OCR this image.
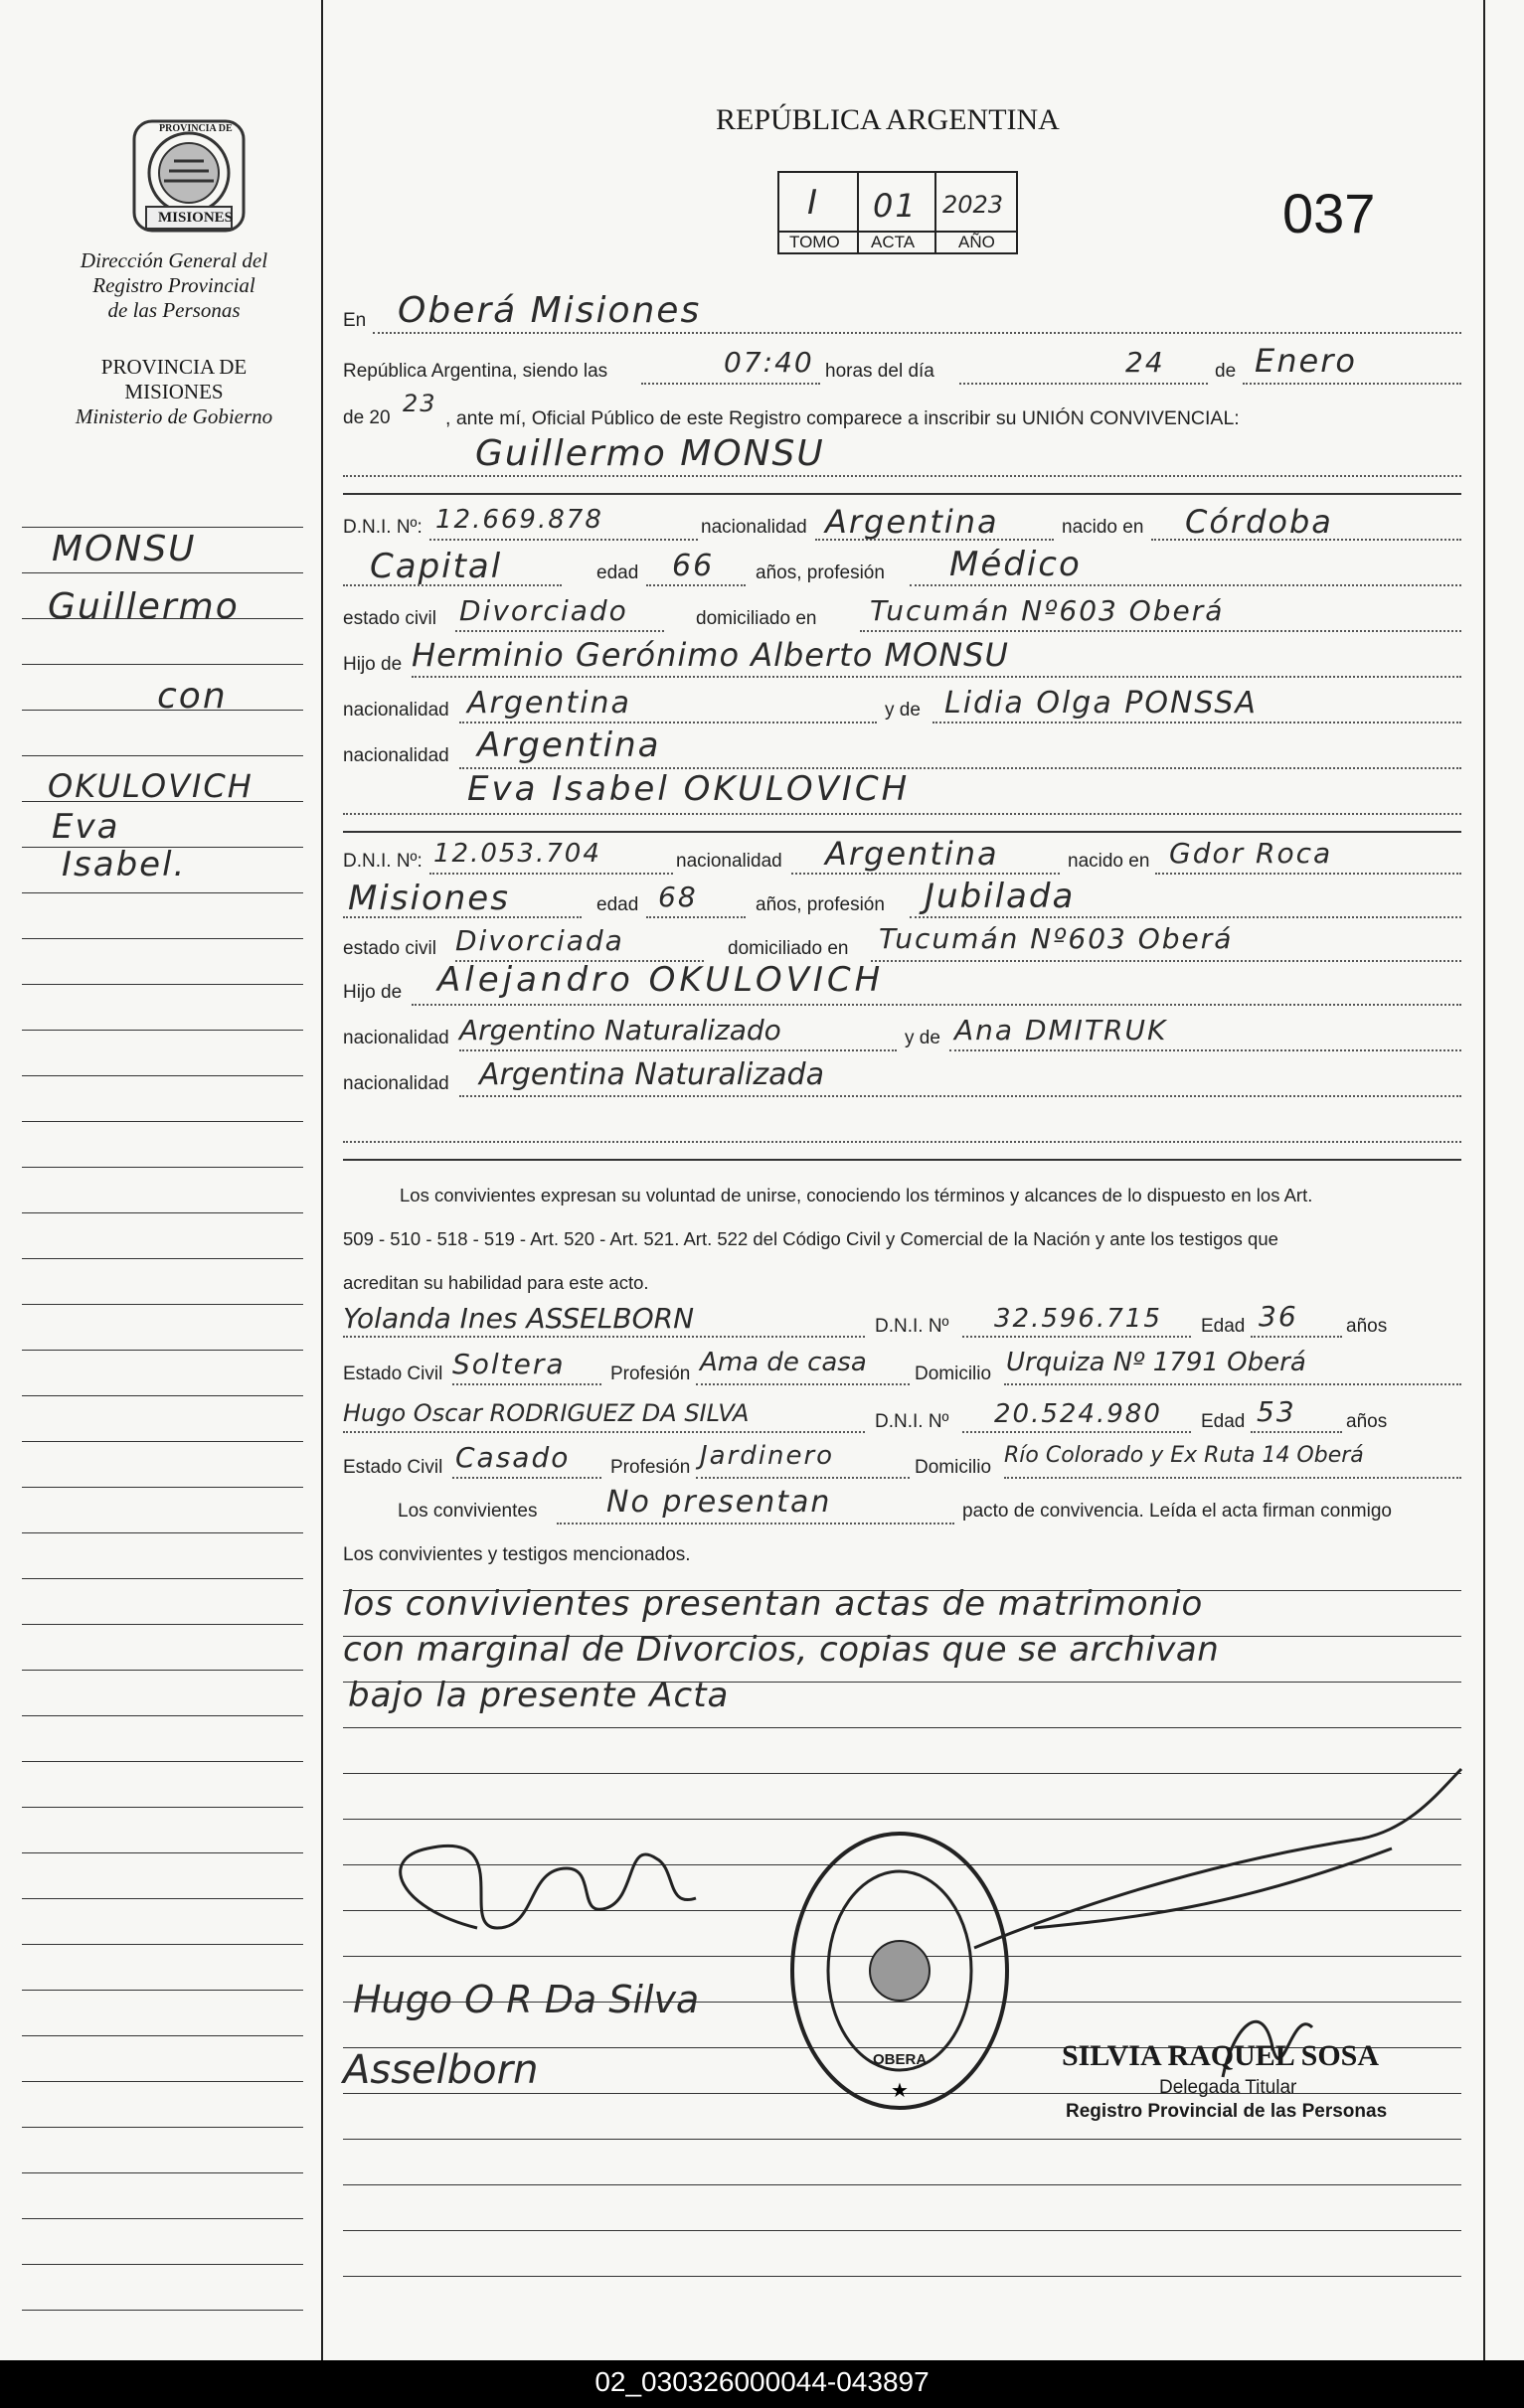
PROVINCIA DE
MISIONES
Dirección General del
Registro Provincial
de las Personas
PROVINCIA DE
MISIONES
Ministerio de Gobierno
MONSU
Guillermo
con
OKULOVICH
Eva
Isabel.
REPÚBLICA ARGENTINA
037
I 01 2023
TOMO ACTA	AÑO
En Oberá Misiones
República Argentina, siendo las	07:40 horas del día	24	de Enero
de 20
23
, ante mí, Oficial Público de este Registro comparece a inscribir su UNIÓN CONVIVENCIAL:
Guillermo MONSU
D.N.I. Nº: 12.669.878	nacionalidad Argentina	nacido en Córdoba
Capital	edad 66 años, profesión Médico
estado civil Divorciado	domiciliado en Tucumán Nº603 Oberá
Hijo de Herminio Gerónimo Alberto MONSU
nacionalidad Argentina	y de Lidia Olga PONSSA
nacionalidad Argentina
Eva Isabel OKULOVICH
D.N.I. Nº: 12.053.704	nacionalidad Argentina	nacido en Gdor Roca
Misiones	edad 68	años, profesión Jubilada
estado civil Divorciada	domiciliado en Tucumán Nº603 Oberá
Hijo de Alejandro OKULOVICH
nacionalidad Argentino Naturalizado	y de Ana DMITRUK
nacionalidad Argentina Naturalizada
Los convivientes expresan su voluntad de unirse, conociendo los términos y alcances de lo dispuesto en los Art.
509 - 510 - 518 - 519 - Art. 520 - Art. 521. Art. 522 del Código Civil y Comercial de la Nación y ante los testigos que
acreditan su habilidad para este acto.
Yolanda Ines ASSELBORN	D.N.I. Nº 32.596.715 Edad 36	años
Estado Civil Soltera Profesión Ama de casa	Domicilio Urquiza Nº 1791 Oberá
Hugo Oscar RODRIGUEZ DA SILVA	D.N.I. Nº 20.524.980 Edad 53	años
Estado Civil Casado Profesión Jardinero	Domicilio Río Colorado y Ex Ruta 14 Oberá
Los convivientes No presentan	pacto de convivencia. Leída el acta firman conmigo
Los convivientes y testigos mencionados.
los convivientes presentan actas de matrimonio
con marginal de Divorcios, copias que se archivan
bajo la presente Acta
Hugo O R Da Silva
Asselborn	★
OBERA	SILVIA RAQUEL SOSA
Delegada Titular
Registro Provincial de las Personas
02_030326000044-043897
